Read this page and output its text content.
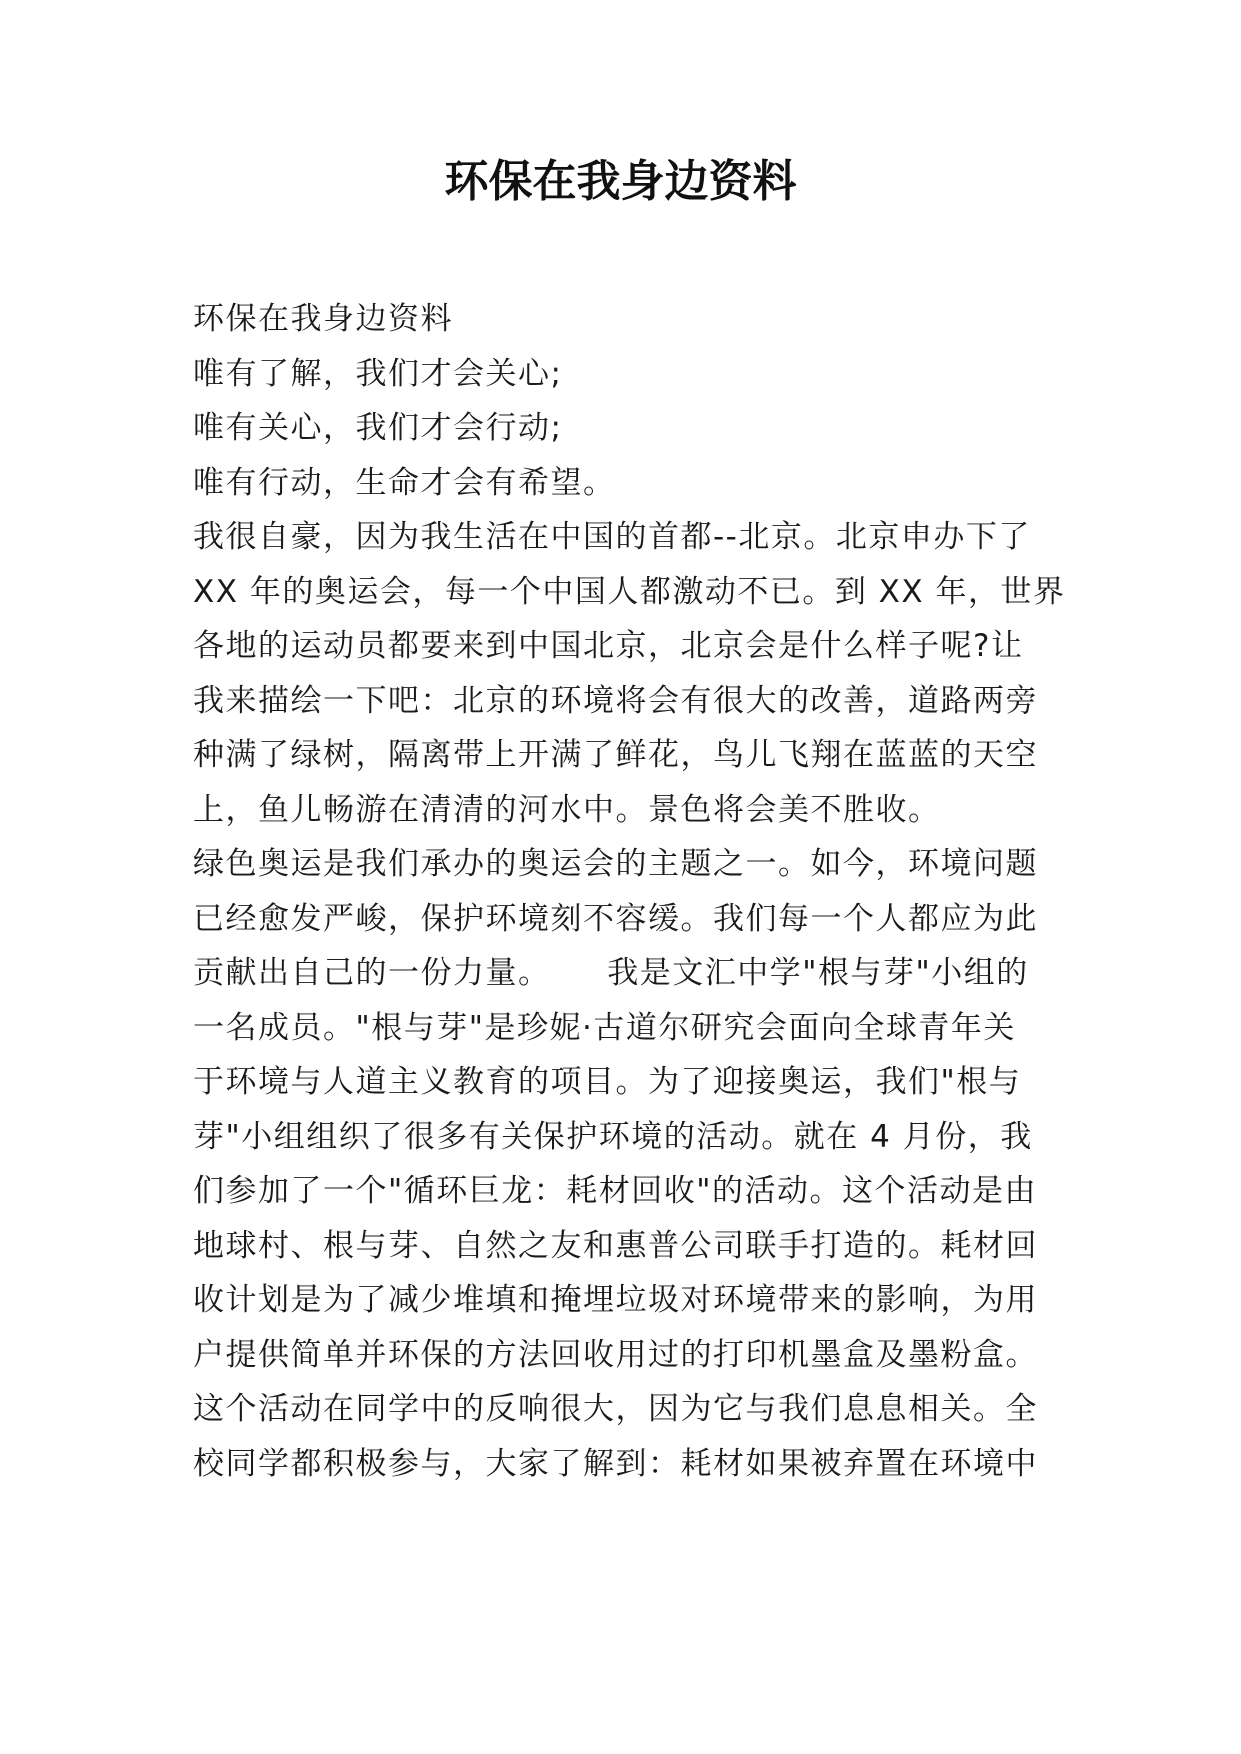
环保在我身边资料
环保在我身边资料
唯有了解，我们才会关心;
唯有关心，我们才会行动;
唯有行动，生命才会有希望。
我很自豪，因为我生活在中国的首都--北京。北京申办下了
XX 年的奥运会，每一个中国人都激动不已。到 XX 年，世界
各地的运动员都要来到中国北京，北京会是什么样子呢?让
我来描绘一下吧：北京的环境将会有很大的改善，道路两旁
种满了绿树，隔离带上开满了鲜花，鸟儿飞翔在蓝蓝的天空
上，鱼儿畅游在清清的河水中。景色将会美不胜收。
绿色奥运是我们承办的奥运会的主题之一。如今，环境问题
已经愈发严峻，保护环境刻不容缓。我们每一个人都应为此
贡献出自己的一份力量。     我是文汇中学"根与芽"小组的
一名成员。"根与芽"是珍妮·古道尔研究会面向全球青年关
于环境与人道主义教育的项目。为了迎接奥运，我们"根与
芽"小组组织了很多有关保护环境的活动。就在 4 月份，我
们参加了一个"循环巨龙：耗材回收"的活动。这个活动是由
地球村、根与芽、自然之友和惠普公司联手打造的。耗材回
收计划是为了减少堆填和掩埋垃圾对环境带来的影响，为用
户提供简单并环保的方法回收用过的打印机墨盒及墨粉盒。
这个活动在同学中的反响很大，因为它与我们息息相关。全
校同学都积极参与，大家了解到：耗材如果被弃置在环境中
